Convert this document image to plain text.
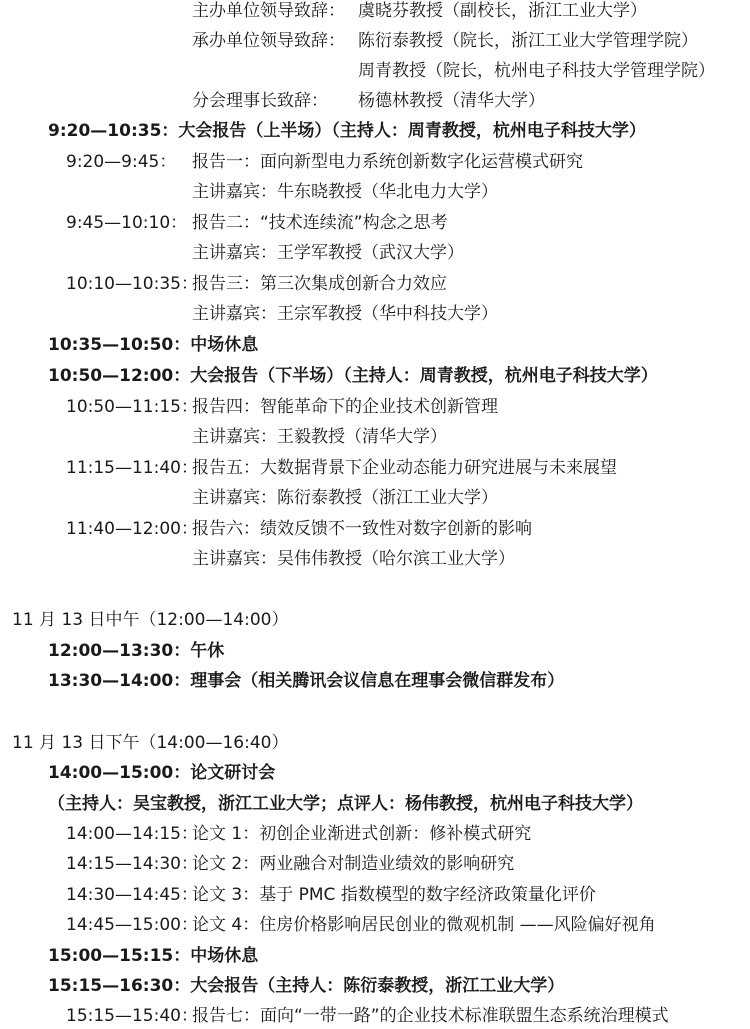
主办单位领导致辞： 虞晓芬教授（副校长，浙江工业大学）
承办单位领导致辞： 陈衍泰教授（院长，浙江工业大学管理学院）
周青教授（院长，杭州电子科技大学管理学院）
分会理事长致辞： 杨德林教授（清华大学）
9:20—10:35：大会报告（上半场）（主持人：周青教授，杭州电子科技大学）
9:20—9:45： 报告一：面向新型电力系统创新数字化运营模式研究
主讲嘉宾：牛东晓教授（华北电力大学）
9:45—10:10： 报告二：“技术连续流”构念之思考
主讲嘉宾：王学军教授（武汉大学）
10:10—10:35：
报告三：第三次集成创新合力效应
主讲嘉宾：王宗军教授（华中科技大学）
10:35—10:50：中场休息
10:50—12:00：大会报告（下半场）（主持人：周青教授，杭州电子科技大学）
10:50—11:15：
报告四：智能革命下的企业技术创新管理
主讲嘉宾：王毅教授（清华大学）
11:15—11:40：
报告五：大数据背景下企业动态能力研究进展与未来展望
主讲嘉宾：陈衍泰教授（浙江工业大学）
11:40—12:00：
报告六：绩效反馈不一致性对数字创新的影响
主讲嘉宾：吴伟伟教授（哈尔滨工业大学）
11 月 13 日中午（12:00—14:00）
12:00—13:30：午休
13:30—14:00：理事会（相关腾讯会议信息在理事会微信群发布）
11 月 13 日下午（14:00—16:40）
14:00—15:00：论文研讨会
（主持人：吴宝教授，浙江工业大学；点评人：杨伟教授，杭州电子科技大学）
14:00—14:15：
论文 1：初创企业渐进式创新：修补模式研究
14:15—14:30：
论文 2：两业融合对制造业绩效的影响研究
14:30—14:45：
论文 3：基于 PMC 指数模型的数字经济政策量化评价
14:45—15:00：
论文 4：住房价格影响居民创业的微观机制 ——风险偏好视角
15:00—15:15：中场休息
15:15—16:30：大会报告（主持人：陈衍泰教授，浙江工业大学）
15:15—15:40：
报告七：面向“一带一路”的企业技术标准联盟生态系统治理模式
